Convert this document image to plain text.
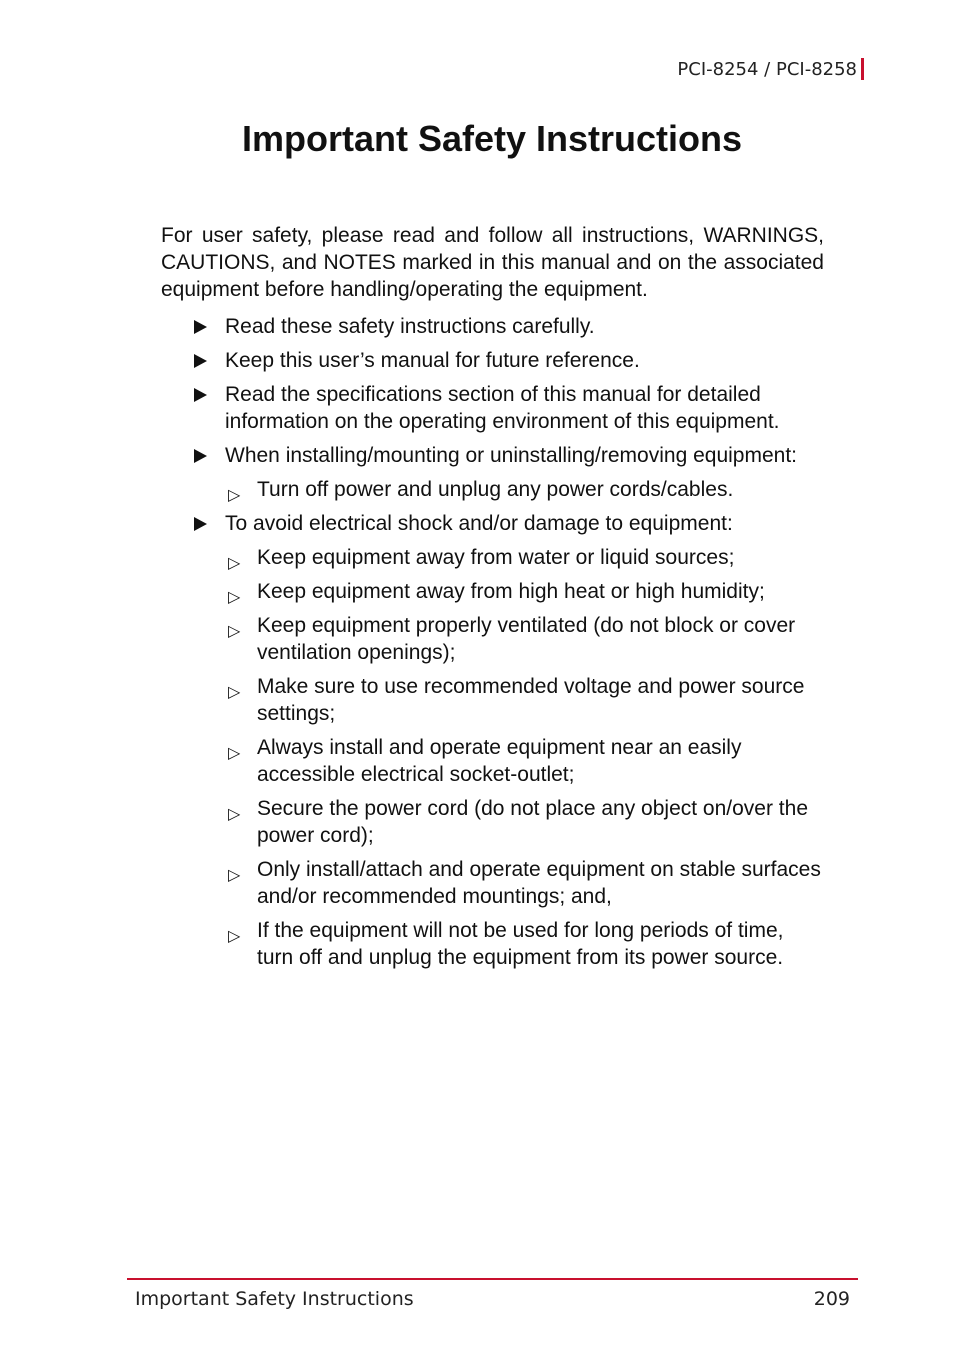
PCI-8254 / PCI-8258
Important Safety Instructions

For user safety, please read and follow all instructions, WARNINGS, CAUTIONS, and NOTES marked in this manual and on the associated equipment before handling/operating the equipment.

Read these safety instructions carefully.
Keep this user’s manual for future reference.
Read the specifications section of this manual for detailed information on the operating environment of this equipment.
When installing/mounting or uninstalling/removing equipment:
▷ Turn off power and unplug any power cords/cables.
To avoid electrical shock and/or damage to equipment:
▷ Keep equipment away from water or liquid sources;
▷ Keep equipment away from high heat or high humidity;
▷ Keep equipment properly ventilated (do not block or cover ventilation openings);
▷ Make sure to use recommended voltage and power source settings;
▷ Always install and operate equipment near an easily accessible electrical socket-outlet;
▷ Secure the power cord (do not place any object on/over the power cord);
▷ Only install/attach and operate equipment on stable surfaces and/or recommended mountings; and,
▷ If the equipment will not be used for long periods of time, turn off and unplug the equipment from its power source.
Important Safety Instructions	209
